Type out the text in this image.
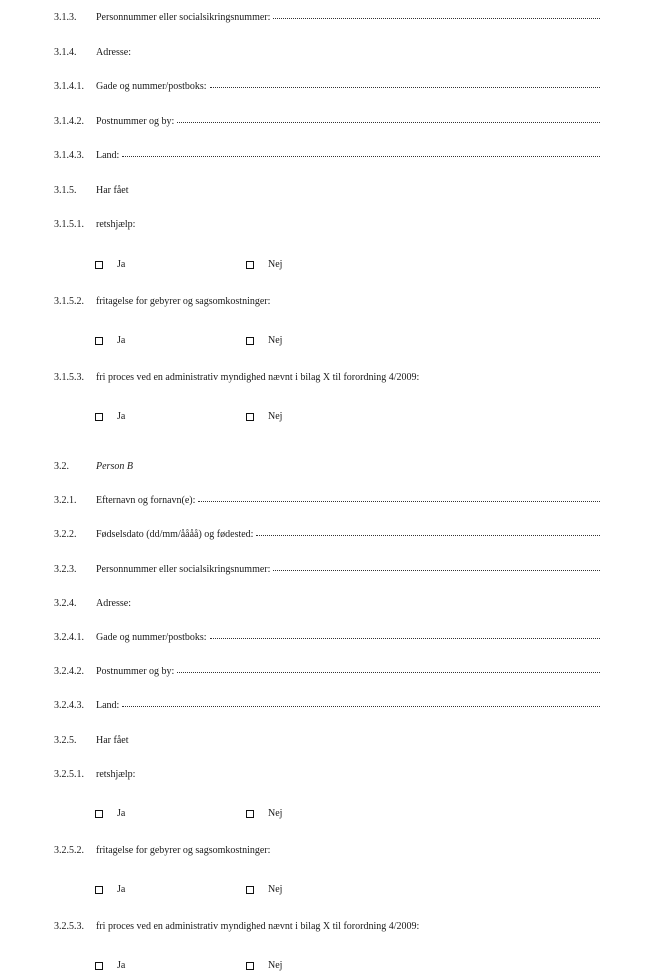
3.1.3.	Personnummer eller socialsikringsnummer:
3.1.4.	Adresse:
3.1.4.1.	Gade og nummer/postboks:
3.1.4.2.	Postnummer og by:
3.1.4.3.	Land:
3.1.5.	Har fået
3.1.5.1.	retshjælp:
Ja	Nej
3.1.5.2.	fritagelse for gebyrer og sagsomkostninger:
Ja	Nej
3.1.5.3.	fri proces ved en administrativ myndighed nævnt i bilag X til forordning 4/2009:
Ja	Nej
3.2.	Person B
3.2.1.	Efternavn og fornavn(e):
3.2.2.	Fødselsdato (dd/mm/åååå) og fødested:
3.2.3.	Personnummer eller socialsikringsnummer:
3.2.4.	Adresse:
3.2.4.1.	Gade og nummer/postboks:
3.2.4.2.	Postnummer og by:
3.2.4.3.	Land:
3.2.5.	Har fået
3.2.5.1.	retshjælp:
Ja	Nej
3.2.5.2.	fritagelse for gebyrer og sagsomkostninger:
Ja	Nej
3.2.5.3.	fri proces ved en administrativ myndighed nævnt i bilag X til forordning 4/2009:
Ja	Nej
